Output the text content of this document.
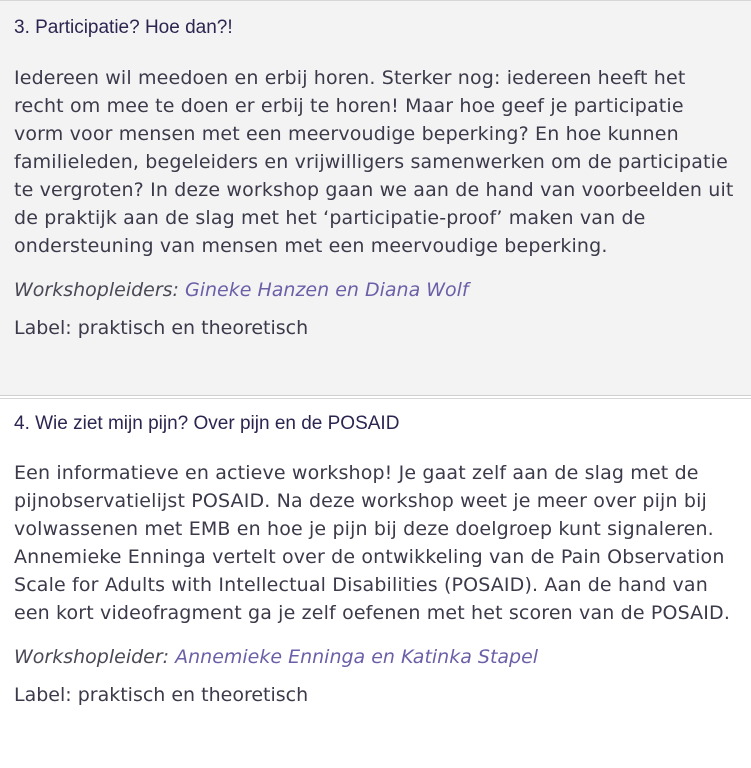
3. Participatie? Hoe dan?!

Iedereen wil meedoen en erbij horen. Sterker nog: iedereen heeft het recht om mee te doen er erbij te horen! Maar hoe geef je participatie vorm voor mensen met een meervoudige beperking? En hoe kunnen familieleden, begeleiders en vrijwilligers samenwerken om de participatie te vergroten? In deze workshop gaan we aan de hand van voorbeelden uit de praktijk aan de slag met het ‘participatie-proof’ maken van de ondersteuning van mensen met een meervoudige beperking.

Workshopleiders: Gineke Hanzen en Diana Wolf

Label: praktisch en theoretisch

4. Wie ziet mijn pijn? Over pijn en de POSAID

Een informatieve en actieve workshop! Je gaat zelf aan de slag met de pijnobservatielijst POSAID. Na deze workshop weet je meer over pijn bij volwassenen met EMB en hoe je pijn bij deze doelgroep kunt signaleren. Annemieke Enninga vertelt over de ontwikkeling van de Pain Observation Scale for Adults with Intellectual Disabilities (POSAID). Aan de hand van een kort videofragment ga je zelf oefenen met het scoren van de POSAID.

Workshopleider: Annemieke Enninga en Katinka Stapel

Label: praktisch en theoretisch
